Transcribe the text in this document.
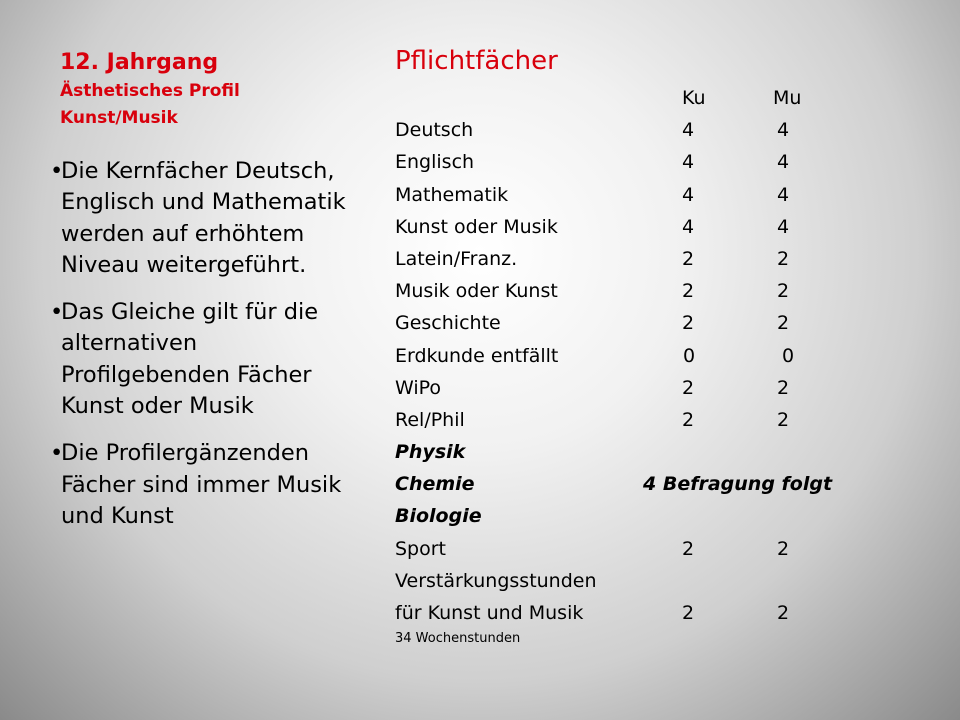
12. Jahrgang
Ästhetisches Profil
Kunst/Musik
•
Die Kernfächer Deutsch, Englisch und Mathematik werden auf erhöhtem Niveau weitergeführt.
•
Das Gleiche gilt für die alternativen Profilgebenden Fächer Kunst oder Musik
•
Die Profilergänzenden Fächer sind immer Musik und Kunst
Pflichtfächer
Ku	Mu
Deutsch	4	4
Englisch	4	4
Mathematik	4	4
Kunst oder Musik	4	4
Latein/Franz.	2	2
Musik oder Kunst	2	2
Geschichte	2	2
Erdkunde entfällt	0	0
WiPo	2	2
Rel/Phil	2	2
Physik
Chemie	4 Befragung folgt
Biologie
Sport	2	2
Verstärkungsstunden
für Kunst und Musik	2	2
34 Wochenstunden
